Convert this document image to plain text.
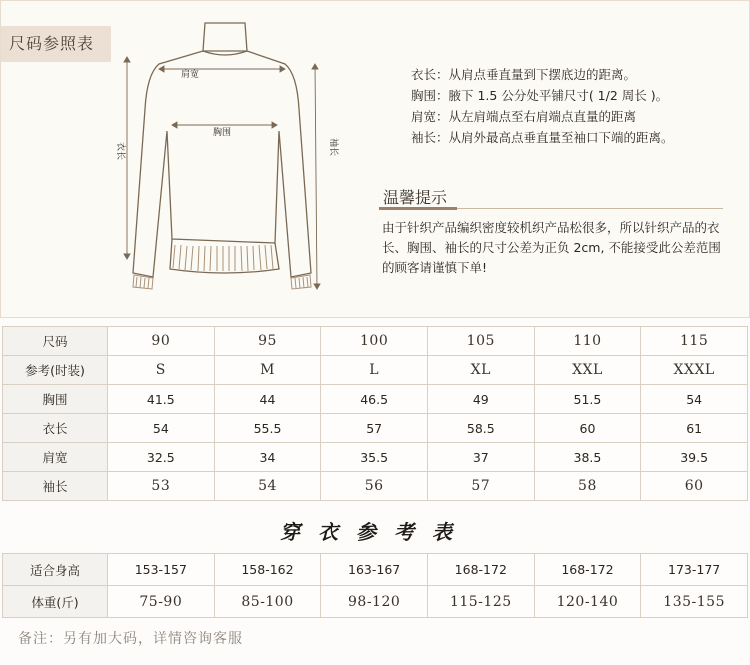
尺码参照表
肩宽
胸围
衣长	袖长
衣长：从肩点垂直量到下摆底边的距离。
胸围：腋下 1.5 公分处平铺尺寸( 1/2 周长 )。
肩宽：从左肩端点至右肩端点直量的距离
袖长：从肩外最高点垂直量至袖口下端的距离。
温馨提示
由于针织产品编织密度较机织产品松很多，所以针织产品的衣长、胸围、袖长的尺寸公差为正负 2cm, 不能接受此公差范围的顾客请谨慎下单!
尺码	90	95	100	105	110	115
参考(时装)	S	M	L	XL	XXL	XXXL
胸围	41.5	44	46.5	49	51.5	54
衣长	54	55.5	57	58.5	60	61
肩宽	32.5	34	35.5	37	38.5	39.5
袖长	53	54	56	57	58	60
穿衣参考表
适合身高	153-157	158-162	163-167	168-172	168-172	173-177
体重(斤)	75-90	85-100	98-120	115-125	120-140	135-155
备注：另有加大码，详情咨询客服
